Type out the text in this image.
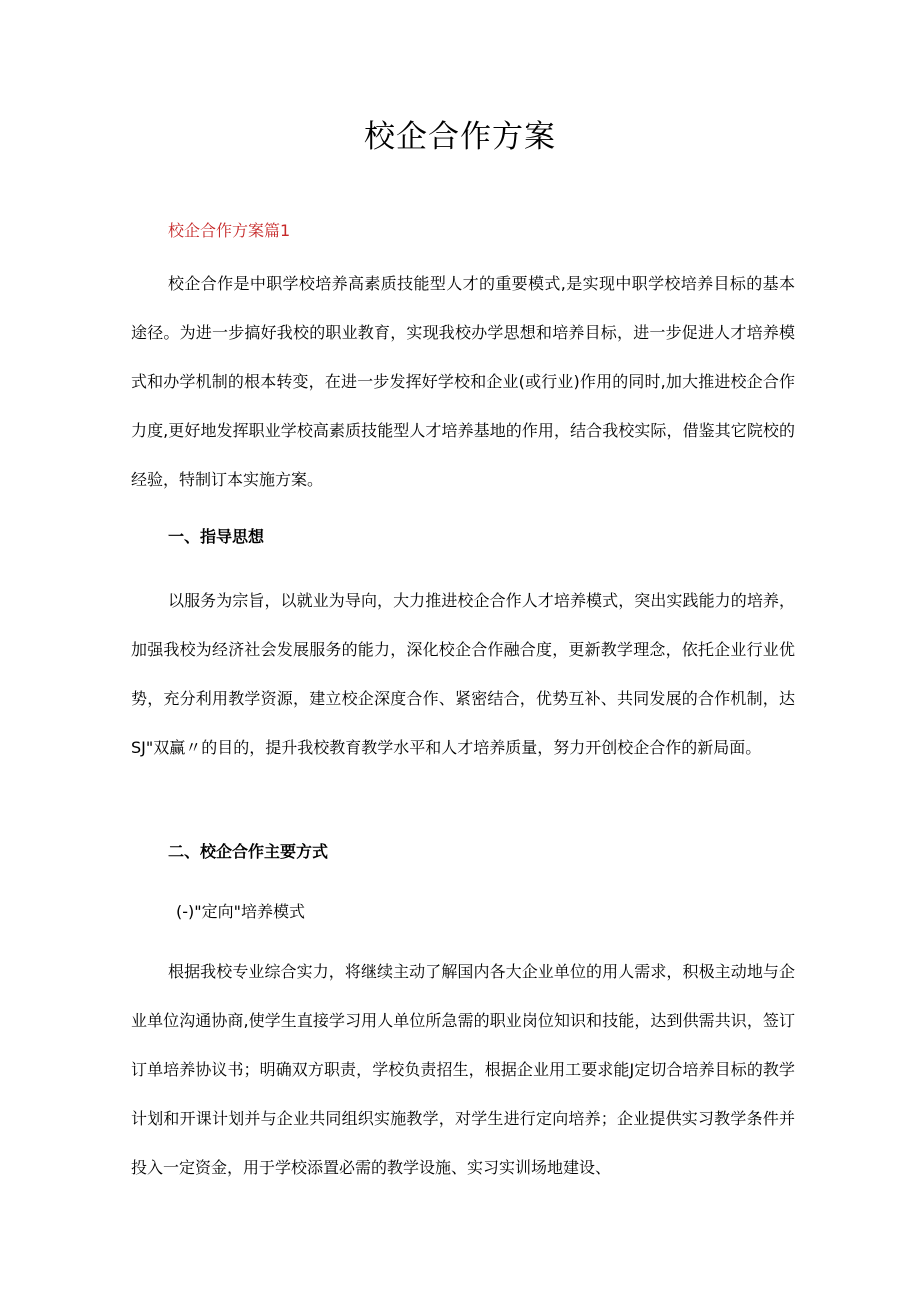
校企合作方案
校企合作方案篇1

校企合作是中职学校培养高素质技能型人才的重要模式,是实现中职学校培养目标的基本途径。为进一步搞好我校的职业教育，实现我校办学思想和培养目标，进一步促进人才培养模式和办学机制的根本转变，在进一步发挥好学校和企业(或行业)作用的同时,加大推进校企合作力度,更好地发挥职业学校高素质技能型人才培养基地的作用，结合我校实际，借鉴其它院校的经验，特制订本实施方案。

一、指导思想

以服务为宗旨，以就业为导向，大力推进校企合作人才培养模式，突出实践能力的培养，加强我校为经济社会发展服务的能力，深化校企合作融合度，更新教学理念，依托企业行业优势，充分利用教学资源，建立校企深度合作、紧密结合，优势互补、共同发展的合作机制，达SJ"双赢〃的目的，提升我校教育教学水平和人才培养质量，努力开创校企合作的新局面。

二、校企合作主要方式
(-)"定向"培养模式

根据我校专业综合实力，将继续主动了解国内各大企业单位的用人需求，积极主动地与企业单位沟通协商,使学生直接学习用人单位所急需的职业岗位知识和技能，达到供需共识，签订订单培养协议书；明确双方职责，学校负责招生，根据企业用工要求能J定切合培养目标的教学计划和开课计划并与企业共同组织实施教学，对学生进行定向培养；企业提供实习教学条件并投入一定资金，用于学校添置必需的教学设施、实习实训场地建设、
